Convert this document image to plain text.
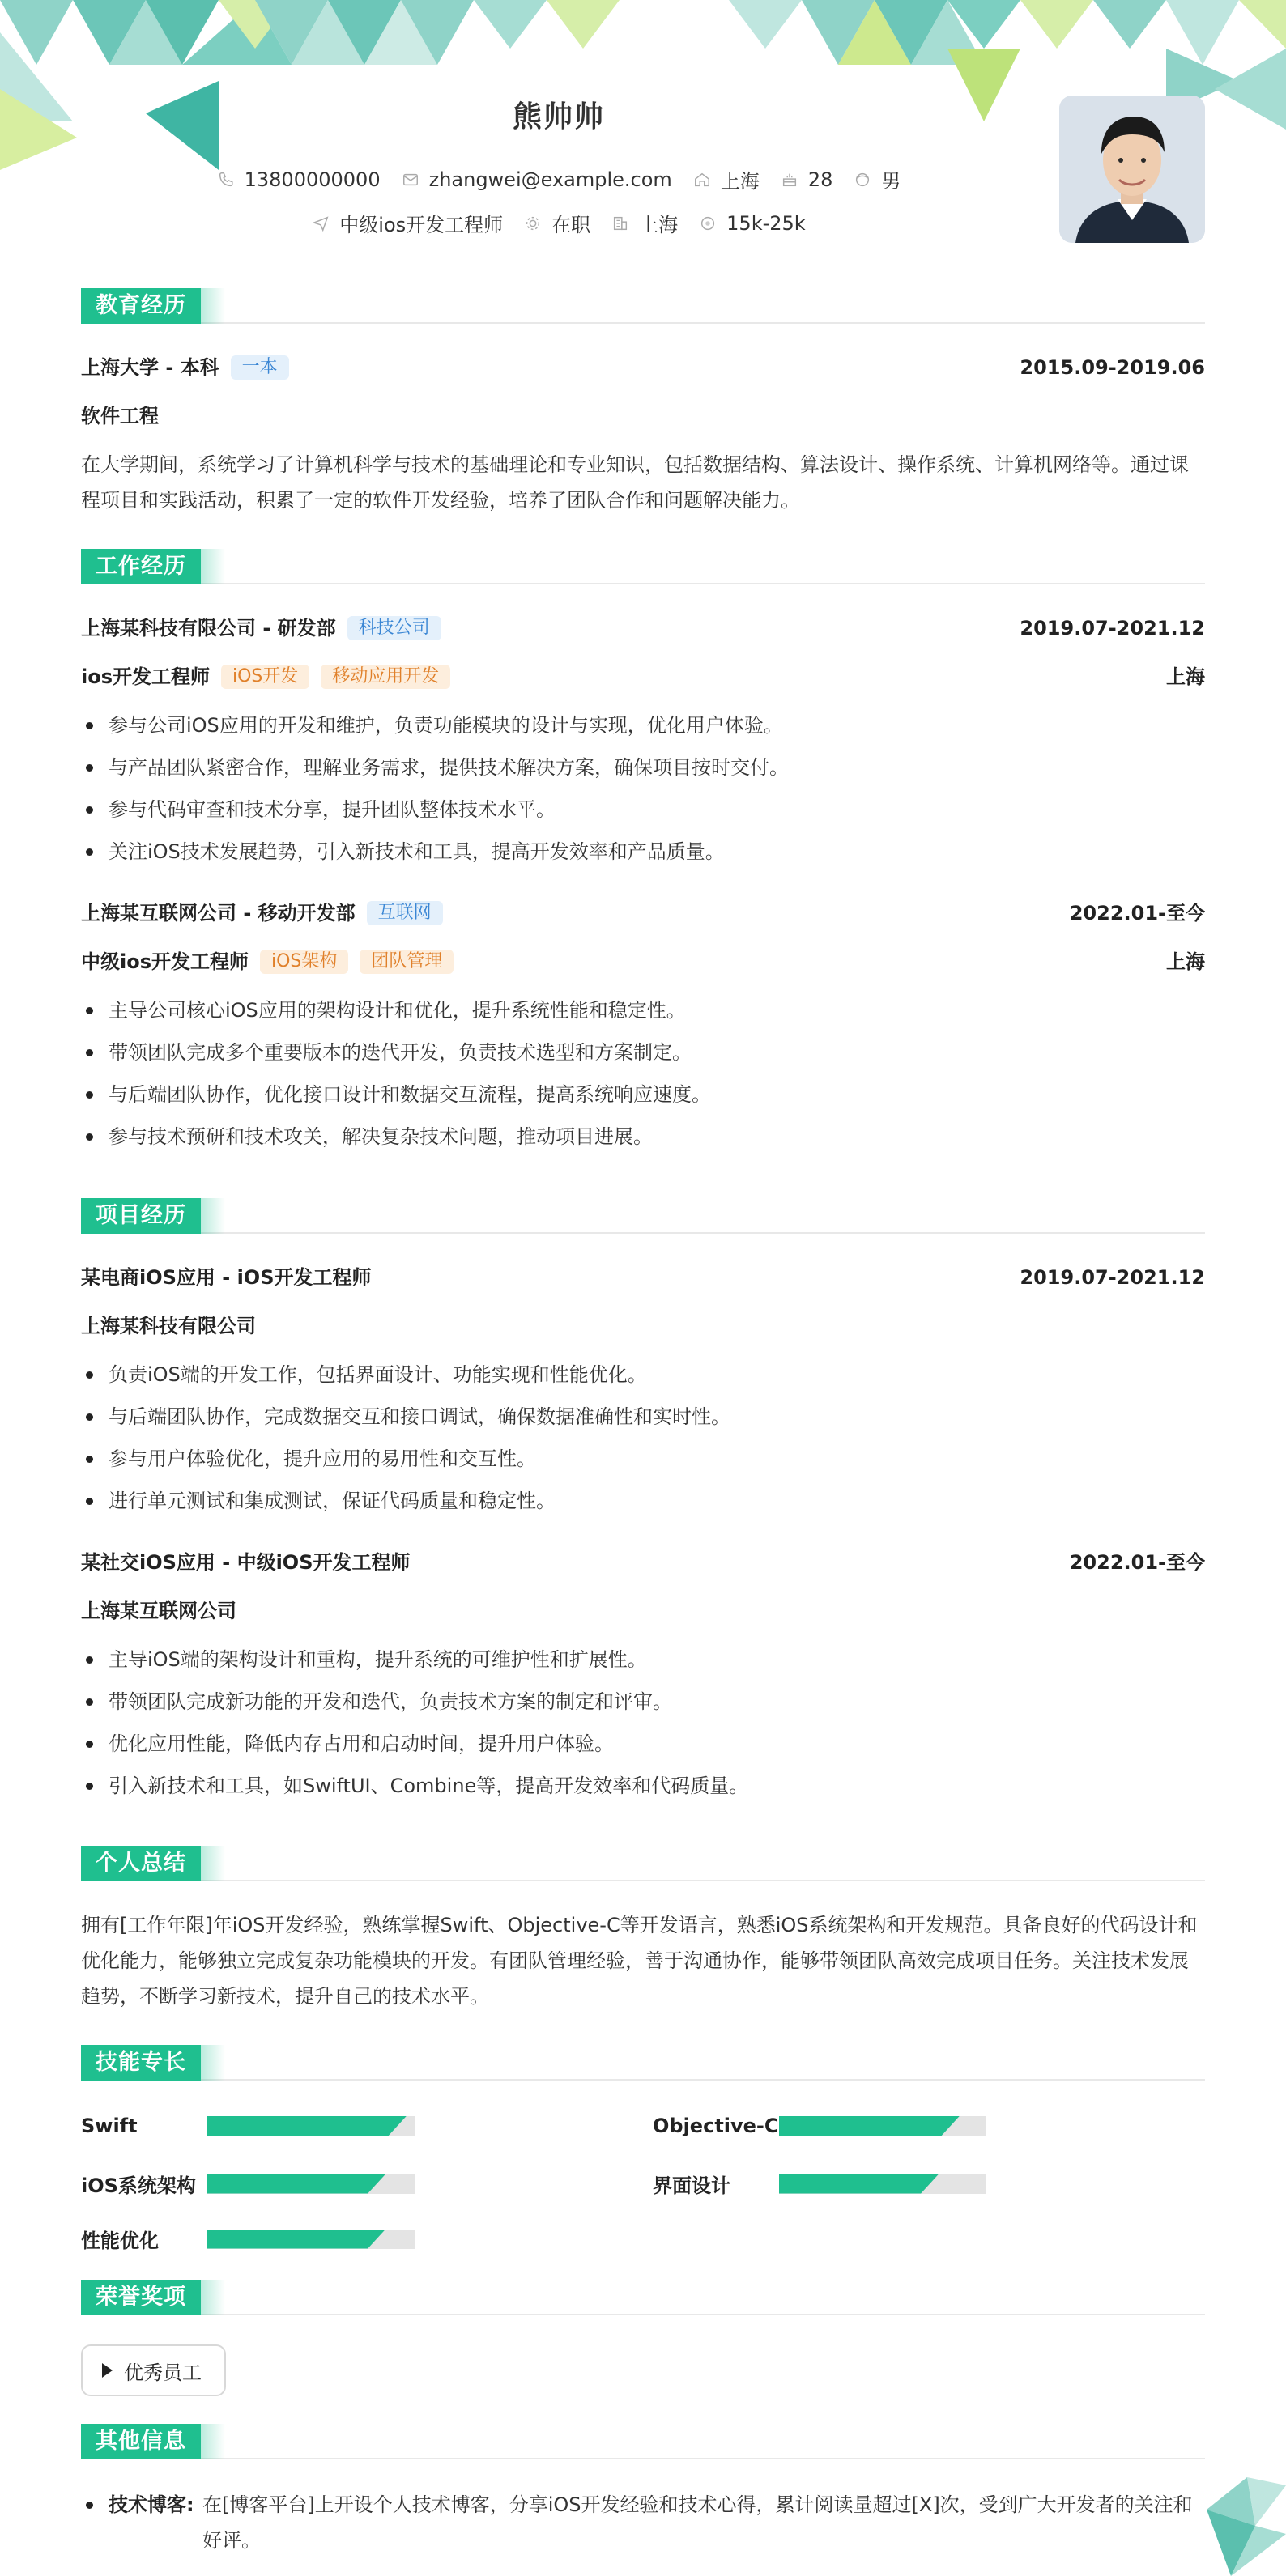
熊帅帅
13800000000	zhangwei@example.com	上海	28	男
中级ios开发工程师	在职	上海	15k-25k
教育经历
上海大学 - 本科	一本	2015.09-2019.06
软件工程
在大学期间，系统学习了计算机科学与技术的基础理论和专业知识，包括数据结构、算法设计、操作系统、计算机网络等。通过课程项目和实践活动，积累了一定的软件开发经验，培养了团队合作和问题解决能力。
工作经历
上海某科技有限公司 - 研发部	科技公司	2019.07-2021.12
ios开发工程师	iOS开发	移动应用开发	上海
参与公司iOS应用的开发和维护，负责功能模块的设计与实现，优化用户体验。
与产品团队紧密合作，理解业务需求，提供技术解决方案，确保项目按时交付。
参与代码审查和技术分享，提升团队整体技术水平。
关注iOS技术发展趋势，引入新技术和工具，提高开发效率和产品质量。
上海某互联网公司 - 移动开发部	互联网	2022.01-至今
中级ios开发工程师	iOS架构	团队管理	上海
主导公司核心iOS应用的架构设计和优化，提升系统性能和稳定性。
带领团队完成多个重要版本的迭代开发，负责技术选型和方案制定。
与后端团队协作，优化接口设计和数据交互流程，提高系统响应速度。
参与技术预研和技术攻关，解决复杂技术问题，推动项目进展。
项目经历
某电商iOS应用 - iOS开发工程师	2019.07-2021.12
上海某科技有限公司
负责iOS端的开发工作，包括界面设计、功能实现和性能优化。
与后端团队协作，完成数据交互和接口调试，确保数据准确性和实时性。
参与用户体验优化，提升应用的易用性和交互性。
进行单元测试和集成测试，保证代码质量和稳定性。
某社交iOS应用 - 中级iOS开发工程师	2022.01-至今
上海某互联网公司
主导iOS端的架构设计和重构，提升系统的可维护性和扩展性。
带领团队完成新功能的开发和迭代，负责技术方案的制定和评审。
优化应用性能，降低内存占用和启动时间，提升用户体验。
引入新技术和工具，如SwiftUI、Combine等，提高开发效率和代码质量。
个人总结
拥有[工作年限]年iOS开发经验，熟练掌握Swift、Objective-C等开发语言，熟悉iOS系统架构和开发规范。具备良好的代码设计和优化能力，能够独立完成复杂功能模块的开发。有团队管理经验，善于沟通协作，能够带领团队高效完成项目任务。关注技术发展趋势，不断学习新技术，提升自己的技术水平。
技能专长
Swift	Objective-C
iOS系统架构	界面设计
性能优化
荣誉奖项
优秀员工
其他信息
技术博客: 在[博客平台]上开设个人技术博客，分享iOS开发经验和技术心得，累计阅读量超过[X]次，受到广大开发者的关注和好评。
